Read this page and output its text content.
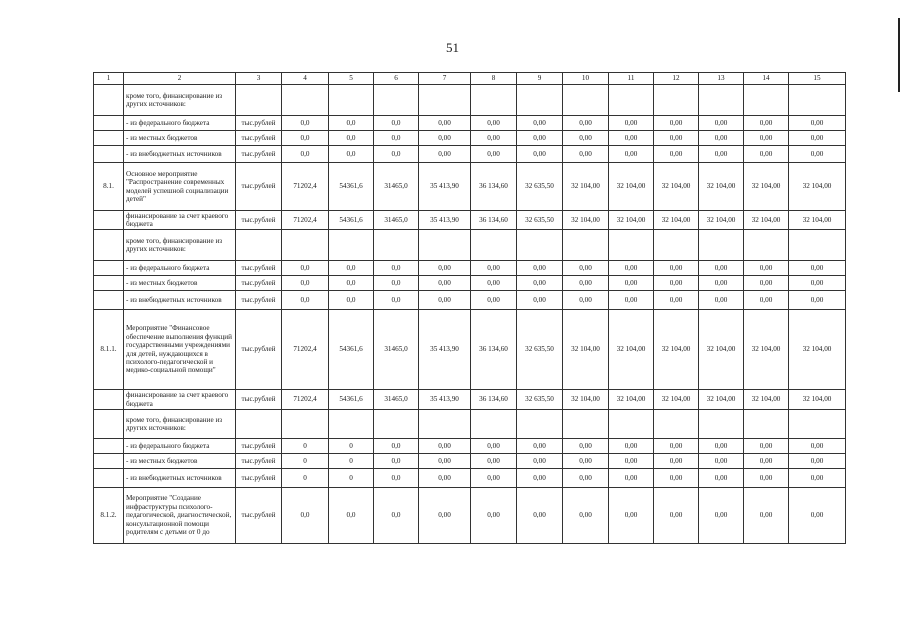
51
1	2	3	4	5	6	7	8	9	10	11	12	13	14	15
	кроме того, финансирование из других источников:													
	- из федерального бюджета	тыс.рублей	0,0	0,0	0,0	0,00	0,00	0,00	0,00	0,00	0,00	0,00	0,00	0,00
	- из местных бюджетов	тыс.рублей	0,0	0,0	0,0	0,00	0,00	0,00	0,00	0,00	0,00	0,00	0,00	0,00
	- из внебюджетных источников	тыс.рублей	0,0	0,0	0,0	0,00	0,00	0,00	0,00	0,00	0,00	0,00	0,00	0,00
8.1.	Основное мероприятие "Распространение современных моделей успешной социализации детей"	тыс.рублей	71202,4	54361,6	31465,0	35 413,90	36 134,60	32 635,50	32 104,00	32 104,00	32 104,00	32 104,00	32 104,00	32 104,00
	финансирование за счет краевого бюджета	тыс.рублей	71202,4	54361,6	31465,0	35 413,90	36 134,60	32 635,50	32 104,00	32 104,00	32 104,00	32 104,00	32 104,00	32 104,00
	кроме того, финансирование из других источников:													
	- из федерального бюджета	тыс.рублей	0,0	0,0	0,0	0,00	0,00	0,00	0,00	0,00	0,00	0,00	0,00	0,00
	- из местных бюджетов	тыс.рублей	0,0	0,0	0,0	0,00	0,00	0,00	0,00	0,00	0,00	0,00	0,00	0,00
	- из внебюджетных источников	тыс.рублей	0,0	0,0	0,0	0,00	0,00	0,00	0,00	0,00	0,00	0,00	0,00	0,00
8.1.1.	Мероприятие "Финансовое обеспечение выполнения функций государственными учреждениями для детей, нуждающихся в психолого-педагогической и медико-социальной помощи"	тыс.рублей	71202,4	54361,6	31465,0	35 413,90	36 134,60	32 635,50	32 104,00	32 104,00	32 104,00	32 104,00	32 104,00	32 104,00
	финансирование за счет краевого бюджета	тыс.рублей	71202,4	54361,6	31465,0	35 413,90	36 134,60	32 635,50	32 104,00	32 104,00	32 104,00	32 104,00	32 104,00	32 104,00
	кроме того, финансирование из других источников:													
	- из федерального бюджета	тыс.рублей	0	0	0,0	0,00	0,00	0,00	0,00	0,00	0,00	0,00	0,00	0,00
	- из местных бюджетов	тыс.рублей	0	0	0,0	0,00	0,00	0,00	0,00	0,00	0,00	0,00	0,00	0,00
	- из внебюджетных источников	тыс.рублей	0	0	0,0	0,00	0,00	0,00	0,00	0,00	0,00	0,00	0,00	0,00
8.1.2.	Мероприятие "Создание инфраструктуры психолого-педагогической, диагностической, консультационной помощи родителям с детьми от 0 до	тыс.рублей	0,0	0,0	0,0	0,00	0,00	0,00	0,00	0,00	0,00	0,00	0,00	0,00
